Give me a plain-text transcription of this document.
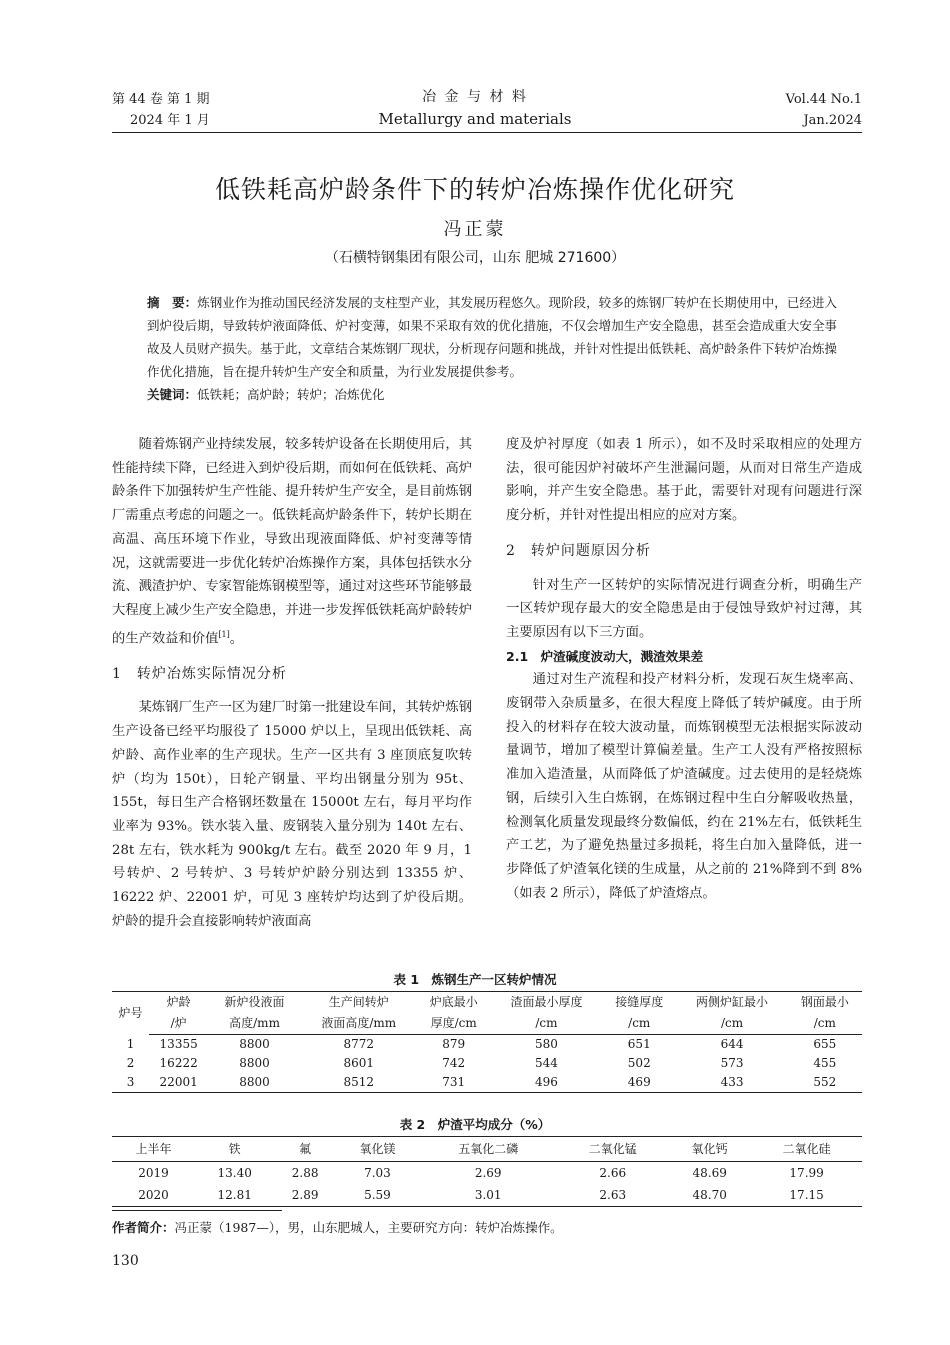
第 44 卷 第 1 期
2024 年 1 月
冶 金 与 材 料
Metallurgy and materials
Vol.44 No.1
Jan.2024
低铁耗高炉龄条件下的转炉冶炼操作优化研究
冯正蒙
（石横特钢集团有限公司，山东 肥城 271600）
摘　要：炼钢业作为推动国民经济发展的支柱型产业，其发展历程悠久。现阶段，较多的炼钢厂转炉在长期使用中，已经进入到炉役后期，导致转炉液面降低、炉衬变薄，如果不采取有效的优化措施，不仅会增加生产安全隐患，甚至会造成重大安全事故及人员财产损失。基于此，文章结合某炼钢厂现状，分析现存问题和挑战，并针对性提出低铁耗、高炉龄条件下转炉冶炼操作优化措施，旨在提升转炉生产安全和质量，为行业发展提供参考。
关键词：低铁耗；高炉龄；转炉；冶炼优化

随着炼钢产业持续发展，较多转炉设备在长期使用后，其性能持续下降，已经进入到炉役后期，而如何在低铁耗、高炉龄条件下加强转炉生产性能、提升转炉生产安全，是目前炼钢厂需重点考虑的问题之一。低铁耗高炉龄条件下，转炉长期在高温、高压环境下作业，导致出现液面降低、炉衬变薄等情况，这就需要进一步优化转炉冶炼操作方案，具体包括铁水分流、溅渣护炉、专家智能炼钢模型等，通过对这些环节能够最大程度上减少生产安全隐患，并进一步发挥低铁耗高炉龄转炉的生产效益和价值[1]。

1　转炉冶炼实际情况分析

某炼钢厂生产一区为建厂时第一批建设车间，其转炉炼钢生产设备已经平均服役了 15000 炉以上，呈现出低铁耗、高炉龄、高作业率的生产现状。生产一区共有 3 座顶底复吹转炉（均为 150t），日轮产钢量、平均出钢量分别为 95t、155t，每日生产合格钢坯数量在 15000t 左右，每月平均作业率为 93%。铁水装入量、废钢装入量分别为 140t 左右、28t 左右，铁水耗为 900kg/t 左右。截至 2020 年 9 月，1 号转炉、2 号转炉、3 号转炉炉龄分别达到 13355 炉、16222 炉、22001 炉，可见 3 座转炉均达到了炉役后期。炉龄的提升会直接影响转炉液面高

度及炉衬厚度（如表 1 所示），如不及时采取相应的处理方法，很可能因炉衬破坏产生泄漏问题，从而对日常生产造成影响，并产生安全隐患。基于此，需要针对现有问题进行深度分析，并针对性提出相应的应对方案。

2　转炉问题原因分析

针对生产一区转炉的实际情况进行调查分析，明确生产一区转炉现存最大的安全隐患是由于侵蚀导致炉衬过薄，其主要原因有以下三方面。

2.1　炉渣碱度波动大，溅渣效果差

通过对生产流程和投产材料分析，发现石灰生烧率高、废钢带入杂质量多，在很大程度上降低了转炉碱度。由于所投入的材料存在较大波动量，而炼钢模型无法根据实际波动量调节，增加了模型计算偏差量。生产工人没有严格按照标准加入造渣量，从而降低了炉渣碱度。过去使用的是轻烧炼钢，后续引入生白炼钢，在炼钢过程中生白分解吸收热量，检测氧化质量发现最终分数偏低，约在 21%左右，低铁耗生产工艺，为了避免热量过多损耗，将生白加入量降低，进一步降低了炉渣氧化镁的生成量，从之前的 21%降到不到 8%（如表 2 所示），降低了炉渣熔点。

表 1　炼钢生产一区转炉情况
炉号	炉龄	新炉役液面	生产间转炉	炉底最小	渣面最小厚度	接缝厚度	两侧炉缸最小	钢面最小
	/炉	高度/mm	液面高度/mm	厚度/cm	/cm	/cm	/cm	/cm
1	13355	8800	8772	879	580	651	644	655
2	16222	8800	8601	742	544	502	573	455
3	22001	8800	8512	731	496	469	433	552
表 2　炉渣平均成分（%）
上半年	铁	氟	氧化镁	五氧化二磷	二氧化锰	氧化钙	二氧化硅
2019	13.40	2.88	7.03	2.69	2.66	48.69	17.99
2020	12.81	2.89	5.59	3.01	2.63	48.70	17.15
作者简介：冯正蒙（1987—），男，山东肥城人，主要研究方向：转炉冶炼操作。
130
